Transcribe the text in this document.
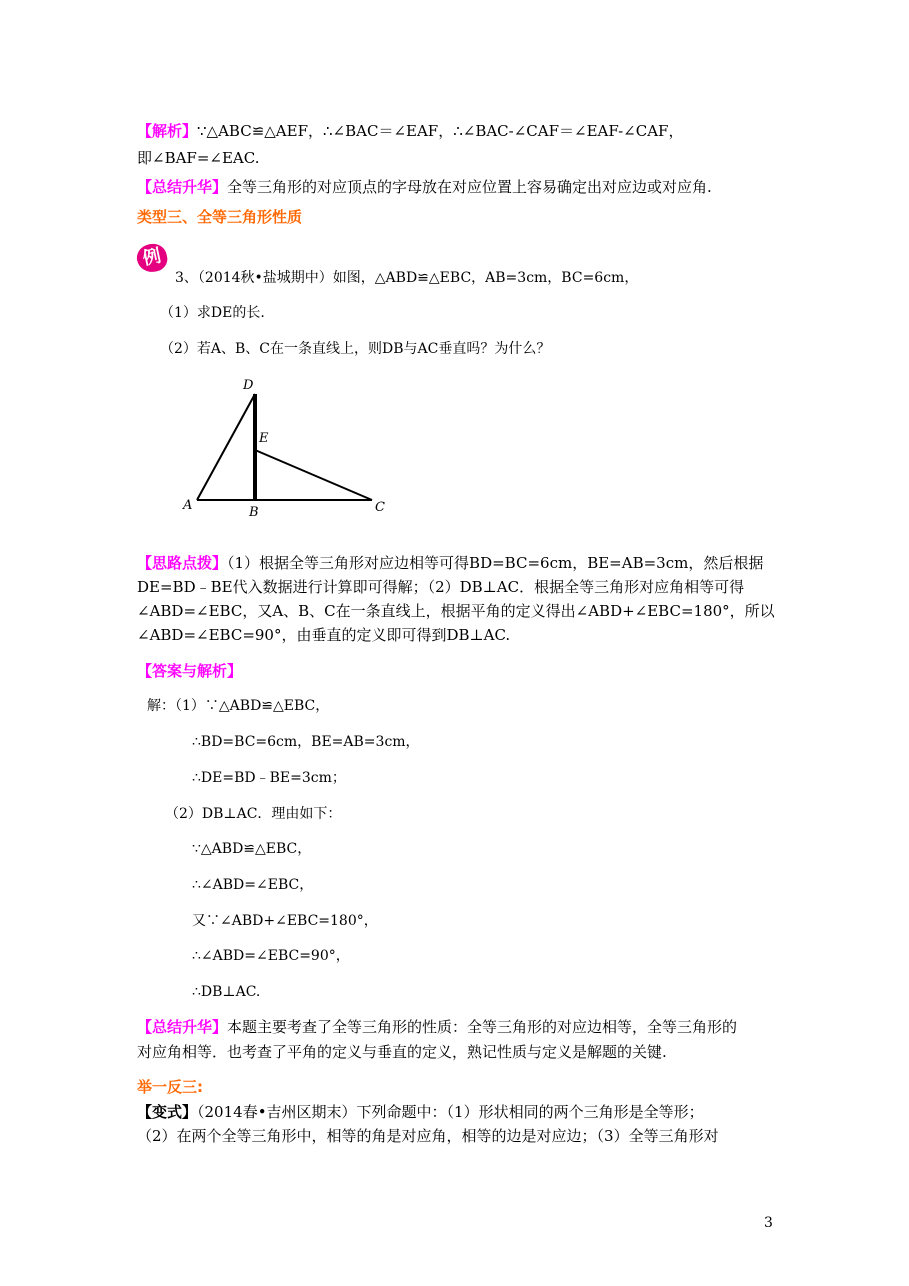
【解析】∵△ABC≌△AEF，∴∠BAC＝∠EAF，∴∠BAC-∠CAF＝∠EAF-∠CAF，
即∠BAF=∠EAC.
【总结升华】全等三角形的对应顶点的字母放在对应位置上容易确定出对应边或对应角.
类型三、全等三角形性质
例
3、（2014秋•盐城期中）如图，△ABD≌△EBC，AB=3cm，BC=6cm，
（1）求DE的长.
（2）若A、B、C在一条直线上，则DB与AC垂直吗？为什么？
D
E
A	B	C
【思路点拨】（1）根据全等三角形对应边相等可得BD=BC=6cm，BE=AB=3cm，然后根据
DE=BD﹣BE代入数据进行计算即可得解；（2）DB⊥AC．根据全等三角形对应角相等可得
∠ABD=∠EBC，又A、B、C在一条直线上，根据平角的定义得出∠ABD+∠EBC=180°，所以
∠ABD=∠EBC=90°，由垂直的定义即可得到DB⊥AC.
【答案与解析】
解：（1）∵△ABD≌△EBC，
∴BD=BC=6cm，BE=AB=3cm，
∴DE=BD﹣BE=3cm；
（2）DB⊥AC．理由如下：
∵△ABD≌△EBC，
∴∠ABD=∠EBC，
又∵∠ABD+∠EBC=180°，
∴∠ABD=∠EBC=90°，
∴DB⊥AC.
【总结升华】本题主要考查了全等三角形的性质：全等三角形的对应边相等，全等三角形的
对应角相等．也考查了平角的定义与垂直的定义，熟记性质与定义是解题的关键.
举一反三:
【变式】（2014春•吉州区期末）下列命题中：（1）形状相同的两个三角形是全等形；
（2）在两个全等三角形中，相等的角是对应角，相等的边是对应边；（3）全等三角形对
3
